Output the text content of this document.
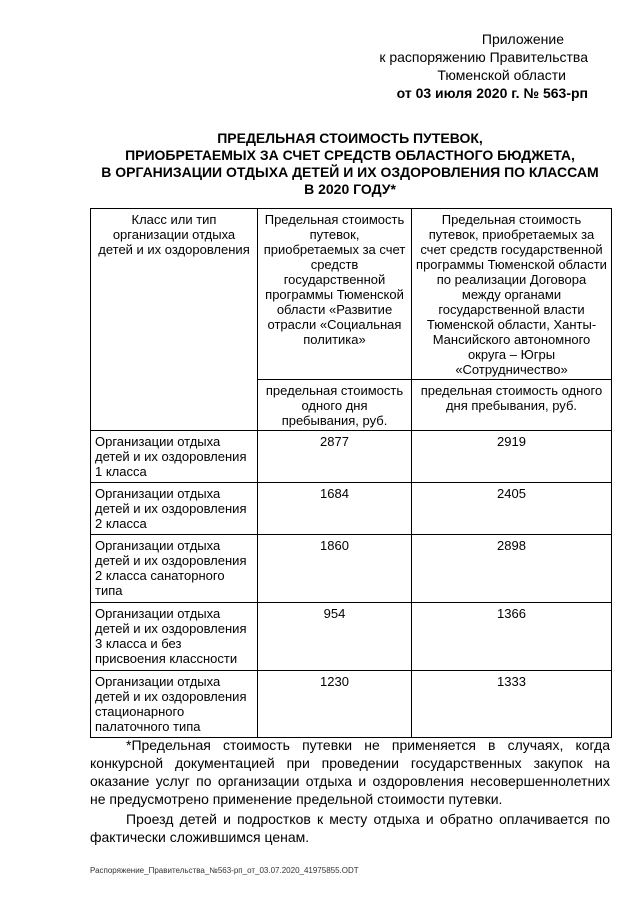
Приложение
к распоряжению Правительства
Тюменской области
от 03 июля 2020 г. № 563-рп
ПРЕДЕЛЬНАЯ СТОИМОСТЬ ПУТЕВОК,
ПРИОБРЕТАЕМЫХ ЗА СЧЕТ СРЕДСТВ ОБЛАСТНОГО БЮДЖЕТА,
В ОРГАНИЗАЦИИ ОТДЫХА ДЕТЕЙ И ИХ ОЗДОРОВЛЕНИЯ ПО КЛАССАМ
В 2020 ГОДУ*
Класс или тип организации отдыха детей и их оздоровления	Предельная стоимость путевок, приобретаемых за счет средств государственной программы Тюменской области «Развитие отрасли «Социальная политика»	Предельная стоимость путевок, приобретаемых за счет средств государственной программы Тюменской области по реализации Договора между органами государственной власти Тюменской области, Ханты-Мансийского автономного округа – Югры «Сотрудничество»
	предельная стоимость одного дня пребывания, руб.	предельная стоимость одного дня пребывания, руб.
Организации отдыха детей и их оздоровления 1 класса	2877	2919
Организации отдыха детей и их оздоровления 2 класса	1684	2405
Организации отдыха детей и их оздоровления 2 класса санаторного типа	1860	2898
Организации отдыха детей и их оздоровления 3 класса и без присвоения классности	954	1366
Организации отдыха детей и их оздоровления стационарного палаточного типа	1230	1333

*Предельная стоимость путевки не применяется в случаях, когда конкурсной документацией при проведении государственных закупок на оказание услуг по организации отдыха и оздоровления несовершеннолетних не предусмотрено применение предельной стоимости путевки.

Проезд детей и подростков к месту отдыха и обратно оплачивается по фактически сложившимся ценам.

Распоряжение_Правительства_№563-рп_от_03.07.2020_41975855.ODT
